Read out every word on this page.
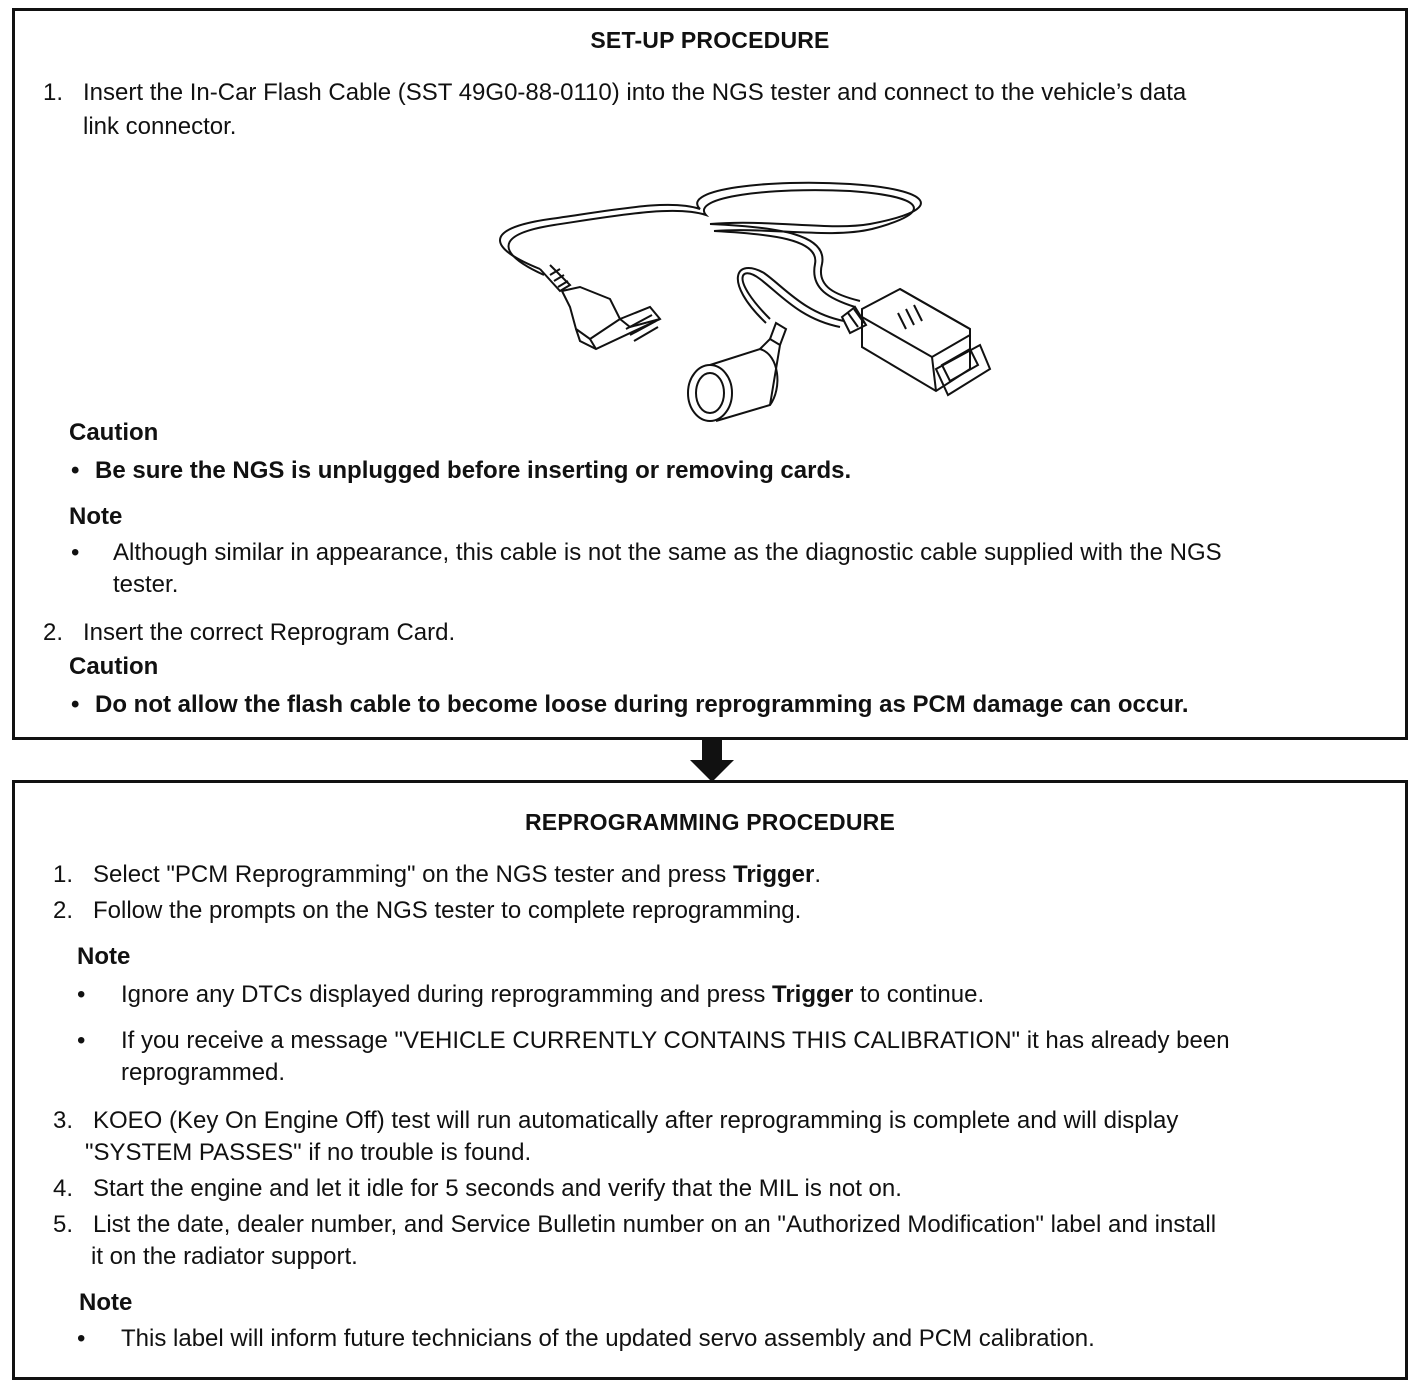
SET-UP PROCEDURE
1. Insert the In-Car Flash Cable (SST 49G0-88-0110) into the NGS tester and connect to the vehicle’s data
link connector.
Caution
• Be sure the NGS is unplugged before inserting or removing cards.
Note
• Although similar in appearance, this cable is not the same as the diagnostic cable supplied with the NGS
tester.
2. Insert the correct Reprogram Card.
Caution
• Do not allow the flash cable to become loose during reprogramming as PCM damage can occur.
REPROGRAMMING PROCEDURE
1. Select "PCM Reprogramming" on the NGS tester and press Trigger.
2. Follow the prompts on the NGS tester to complete reprogramming.
Note
• Ignore any DTCs displayed during reprogramming and press Trigger to continue.
• If you receive a message "VEHICLE CURRENTLY CONTAINS THIS CALIBRATION" it has already been
reprogrammed.
3. KOEO (Key On Engine Off) test will run automatically after reprogramming is complete and will display
"SYSTEM PASSES" if no trouble is found.
4. Start the engine and let it idle for 5 seconds and verify that the MIL is not on.
5. List the date, dealer number, and Service Bulletin number on an "Authorized Modification" label and install
it on the radiator support.
Note
• This label will inform future technicians of the updated servo assembly and PCM calibration.
